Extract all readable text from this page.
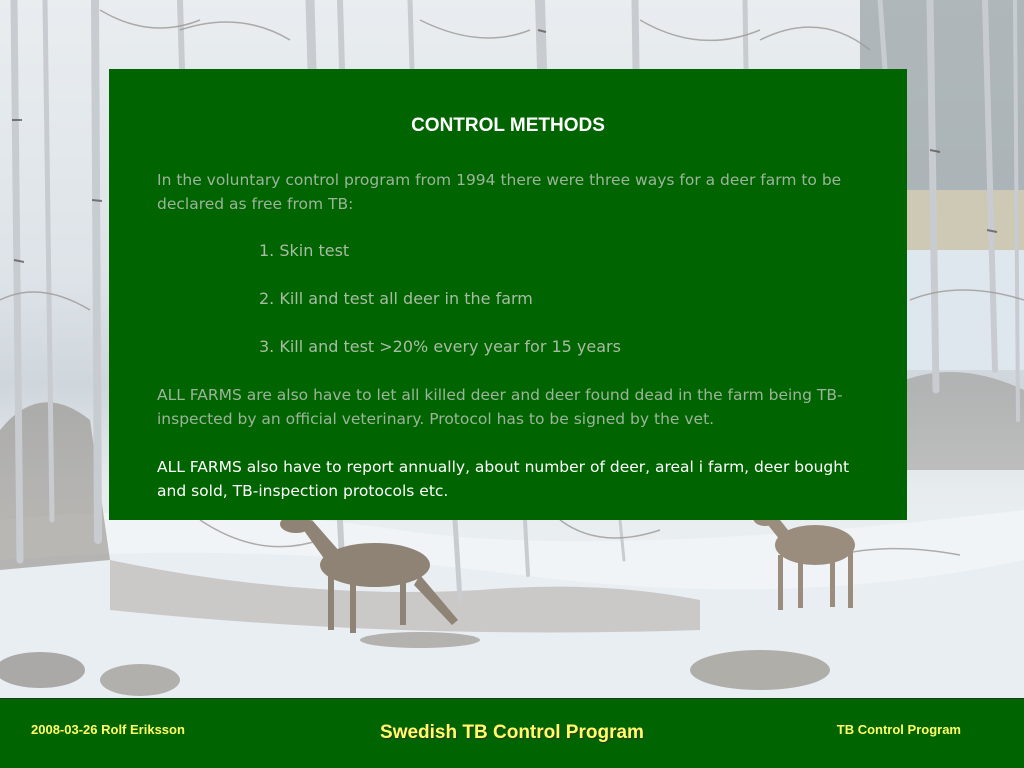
CONTROL METHODS

In the voluntary control program from 1994 there were three ways for a deer farm to be declared as free from TB:

1. Skin test

2. Kill and test all deer in the farm

3. Kill and test >20% every year for 15 years

ALL FARMS are also have to let all killed deer and deer found dead in the farm being TB-inspected by an official veterinary. Protocol has to be signed by the vet.

ALL FARMS also have to report annually, about number of deer, areal i farm, deer bought and sold, TB-inspection protocols etc.

2008-03-26 Rolf Eriksson	Swedish TB Control Program	TB Control Program
